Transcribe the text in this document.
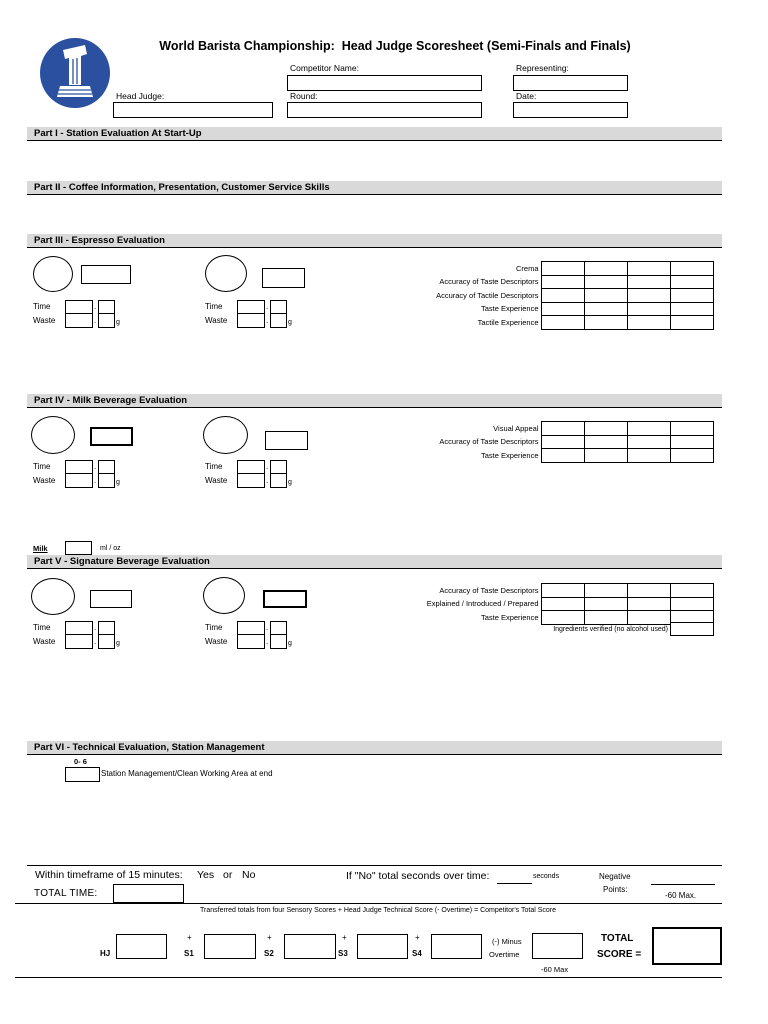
World Barista Championship:  Head Judge Scoresheet (Semi-Finals and Finals)
Competitor Name:	Representing:
Head Judge:	Round:	Date:
Part I - Station Evaluation At Start-Up
Part II - Coffee Information, Presentation, Customer Service Skills
Part III - Espresso Evaluation
Part IV - Milk Beverage Evaluation
Part V - Signature Beverage Evaluation
Part VI - Technical Evaluation, Station Management
Time	.
Waste	.	g
Time	.
Waste	.	g
Crema				
Accuracy of Taste Descriptors				
Accuracy of Tactile Descriptors				
Taste Experience				
Tactile Experience				
Time	.
Waste	.	g
Time	.
Waste	.	g
Visual Appeal				
Accuracy of Taste Descriptors				
Taste Experience				
Milk	ml / oz
Time	.
Waste	.	g
Time	.
Waste	.	g
Accuracy of Taste Descriptors				
Explained / Introduced / Prepared				
Taste Experience				
Ingredients verified (no alcohol used)
0- 6
Station Management/Clean Working Area at end
Within timeframe of 15 minutes: Yes or No	If "No" total seconds over time:	seconds	Negative
Points:
-60 Max.
TOTAL TIME:
Transferred totals from four Sensory Scores + Head Judge Technical Score (- Overtime) = Competitor's Total Score
HJ
+
S1
+
S2
+
S3
+
S4
(-) Minus
Overtime
-60 Max
TOTAL
SCORE =
